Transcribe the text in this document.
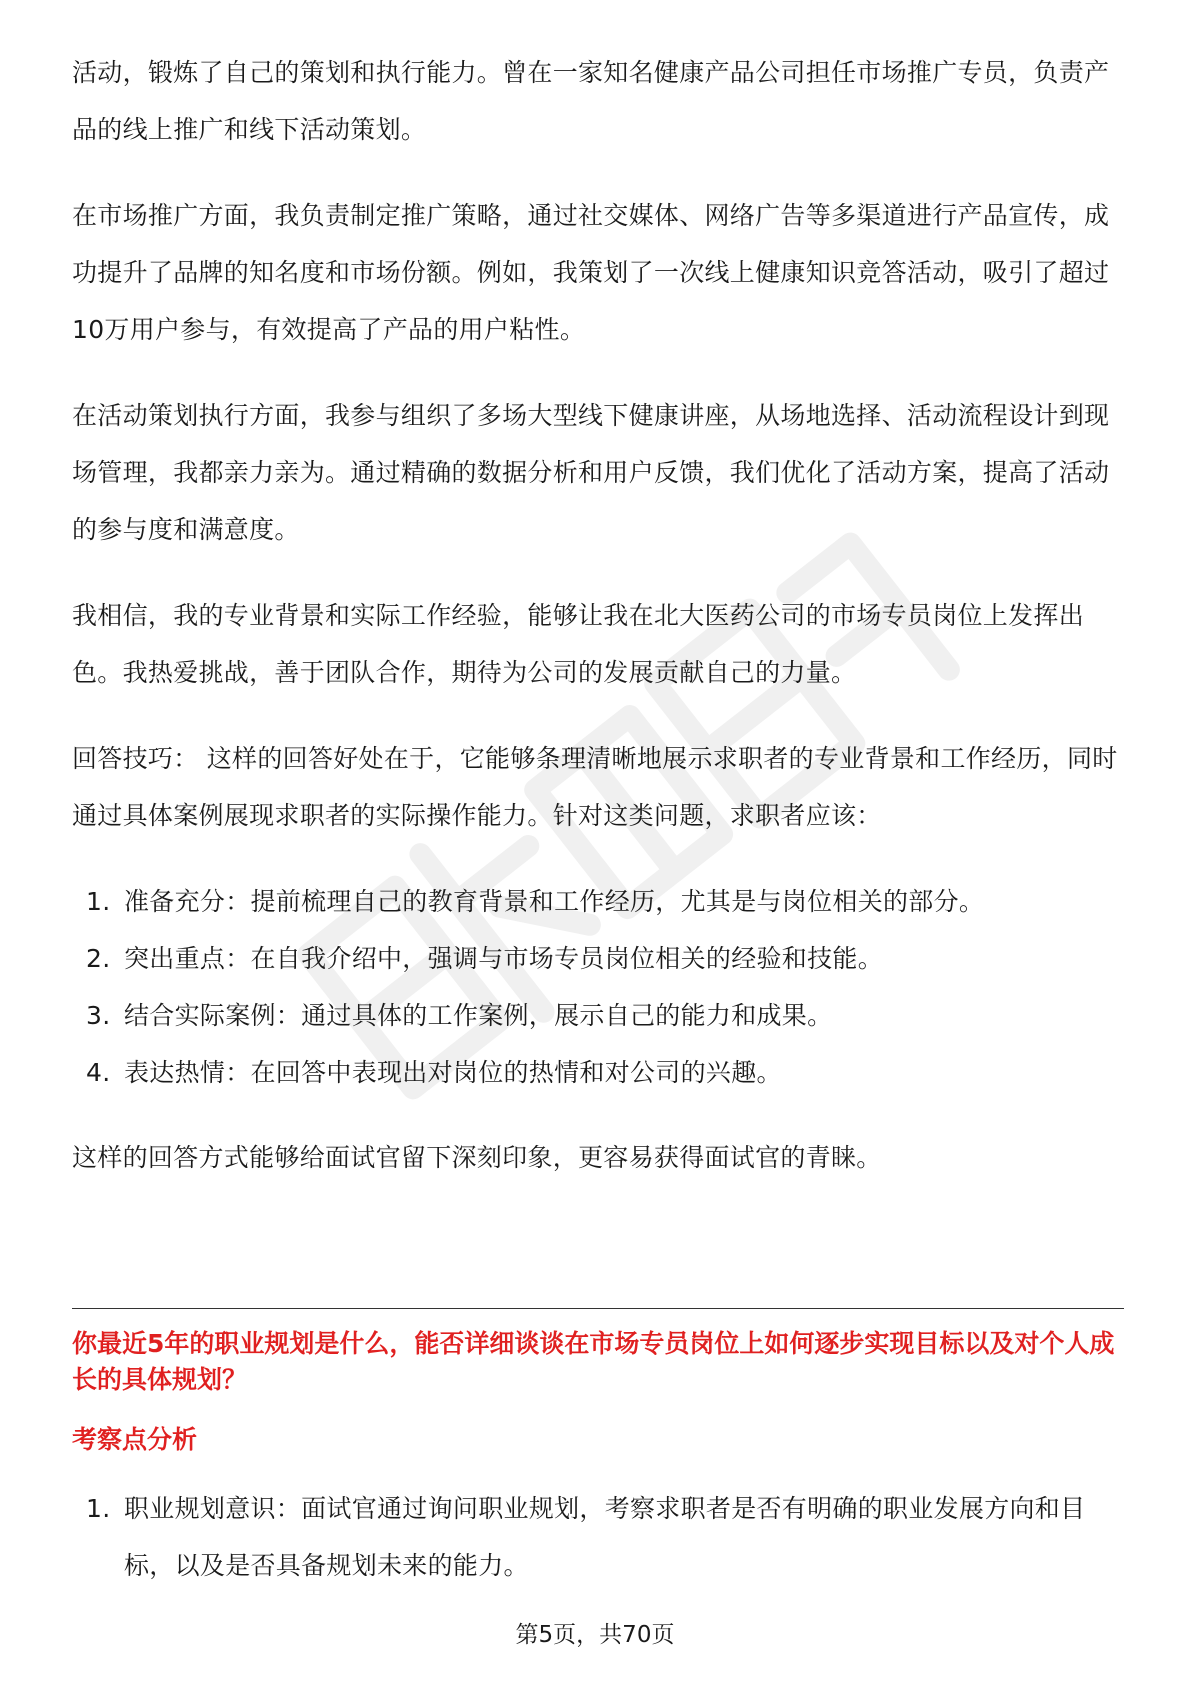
活动，锻炼了自己的策划和执行能力。曾在一家知名健康产品公司担任市场推广专员，负责产品的线上推广和线下活动策划。

在市场推广方面，我负责制定推广策略，通过社交媒体、网络广告等多渠道进行产品宣传，成功提升了品牌的知名度和市场份额。例如，我策划了一次线上健康知识竞答活动，吸引了超过10万用户参与，有效提高了产品的用户粘性。

在活动策划执行方面，我参与组织了多场大型线下健康讲座，从场地选择、活动流程设计到现场管理，我都亲力亲为。通过精确的数据分析和用户反馈，我们优化了活动方案，提高了活动的参与度和满意度。

我相信，我的专业背景和实际工作经验，能够让我在北大医药公司的市场专员岗位上发挥出色。我热爱挑战，善于团队合作，期待为公司的发展贡献自己的力量。

回答技巧： 这样的回答好处在于，它能够条理清晰地展示求职者的专业背景和工作经历，同时通过具体案例展现求职者的实际操作能力。针对这类问题，求职者应该：

1. 准备充分：提前梳理自己的教育背景和工作经历，尤其是与岗位相关的部分。
2. 突出重点：在自我介绍中，强调与市场专员岗位相关的经验和技能。
3. 结合实际案例：通过具体的工作案例，展示自己的能力和成果。
4. 表达热情：在回答中表现出对岗位的热情和对公司的兴趣。

这样的回答方式能够给面试官留下深刻印象，更容易获得面试官的青睐。

你最近5年的职业规划是什么，能否详细谈谈在市场专员岗位上如何逐步实现目标以及对个人成长的具体规划？
考察点分析
1. 职业规划意识：面试官通过询问职业规划，考察求职者是否有明确的职业发展方向和目标，以及是否具备规划未来的能力。
第5页，共70页
